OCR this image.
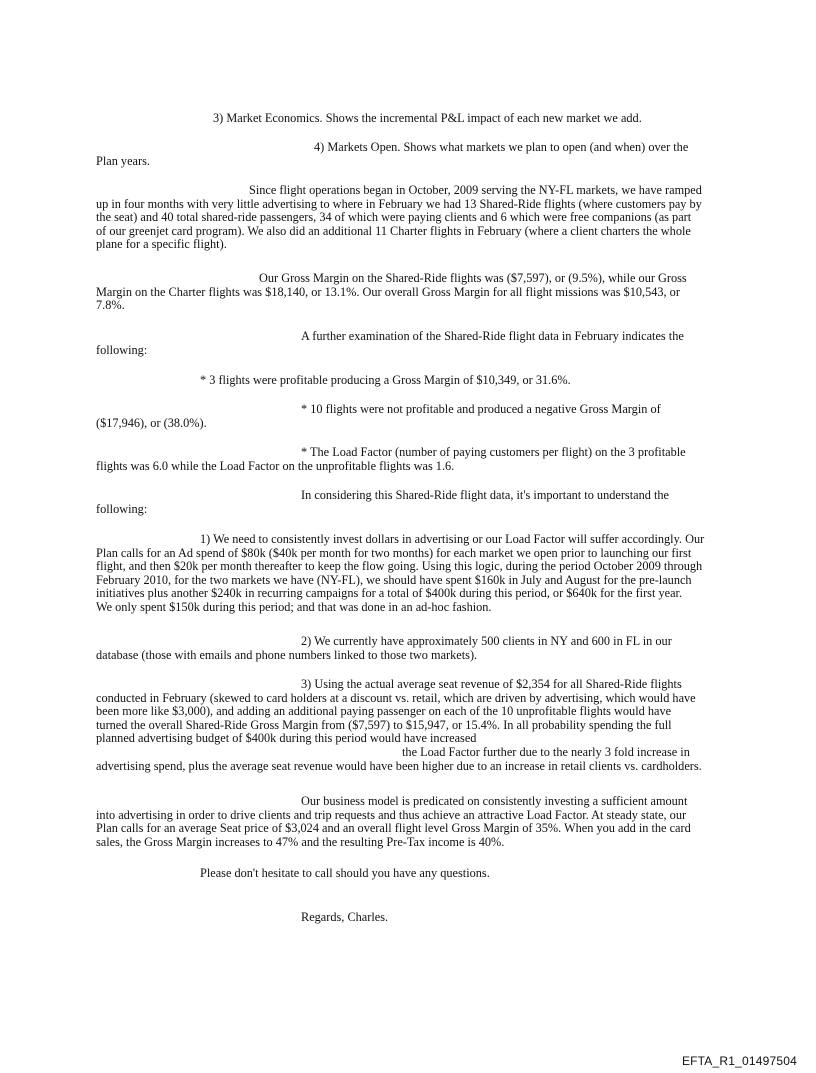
3) Market Economics. Shows the incremental P&L impact of each new market we add.

4) Markets Open. Shows what markets we plan to open (and when) over the
Plan years.

Since flight operations began in October, 2009 serving the NY-FL markets, we have ramped
up in four months with very little advertising to where in February we had 13 Shared-Ride flights (where customers pay by
the seat) and 40 total shared-ride passengers, 34 of which were paying clients and 6 which were free companions (as part
of our greenjet card program). We also did an additional 11 Charter flights in February (where a client charters the whole
plane for a specific flight).

Our Gross Margin on the Shared-Ride flights was ($7,597), or (9.5%), while our Gross
Margin on the Charter flights was $18,140, or 13.1%. Our overall Gross Margin for all flight missions was $10,543, or
7.8%.

A further examination of the Shared-Ride flight data in February indicates the
following:

* 3 flights were profitable producing a Gross Margin of $10,349, or 31.6%.

* 10 flights were not profitable and produced a negative Gross Margin of
($17,946), or (38.0%).

* The Load Factor (number of paying customers per flight) on the 3 profitable
flights was 6.0 while the Load Factor on the unprofitable flights was 1.6.

In considering this Shared-Ride flight data, it's important to understand the
following:

1) We need to consistently invest dollars in advertising or our Load Factor will suffer accordingly. Our
Plan calls for an Ad spend of $80k ($40k per month for two months) for each market we open prior to launching our first
flight, and then $20k per month thereafter to keep the flow going. Using this logic, during the period October 2009 through
February 2010, for the two markets we have (NY-FL), we should have spent $160k in July and August for the pre-launch
initiatives plus another $240k in recurring campaigns for a total of $400k during this period, or $640k for the first year.
We only spent $150k during this period; and that was done in an ad-hoc fashion.

2) We currently have approximately 500 clients in NY and 600 in FL in our
database (those with emails and phone numbers linked to those two markets).

3) Using the actual average seat revenue of $2,354 for all Shared-Ride flights
conducted in February (skewed to card holders at a discount vs. retail, which are driven by advertising, which would have
been more like $3,000), and adding an additional paying passenger on each of the 10 unprofitable flights would have
turned the overall Shared-Ride Gross Margin from ($7,597) to $15,947, or 15.4%. In all probability spending the full
planned advertising budget of $400k during this period would have increased
the Load Factor further due to the nearly 3 fold increase in
advertising spend, plus the average seat revenue would have been higher due to an increase in retail clients vs. cardholders.

Our business model is predicated on consistently investing a sufficient amount
into advertising in order to drive clients and trip requests and thus achieve an attractive Load Factor. At steady state, our
Plan calls for an average Seat price of $3,024 and an overall flight level Gross Margin of 35%. When you add in the card
sales, the Gross Margin increases to 47% and the resulting Pre-Tax income is 40%.

Please don't hesitate to call should you have any questions.

Regards, Charles.

EFTA_R1_01497504
